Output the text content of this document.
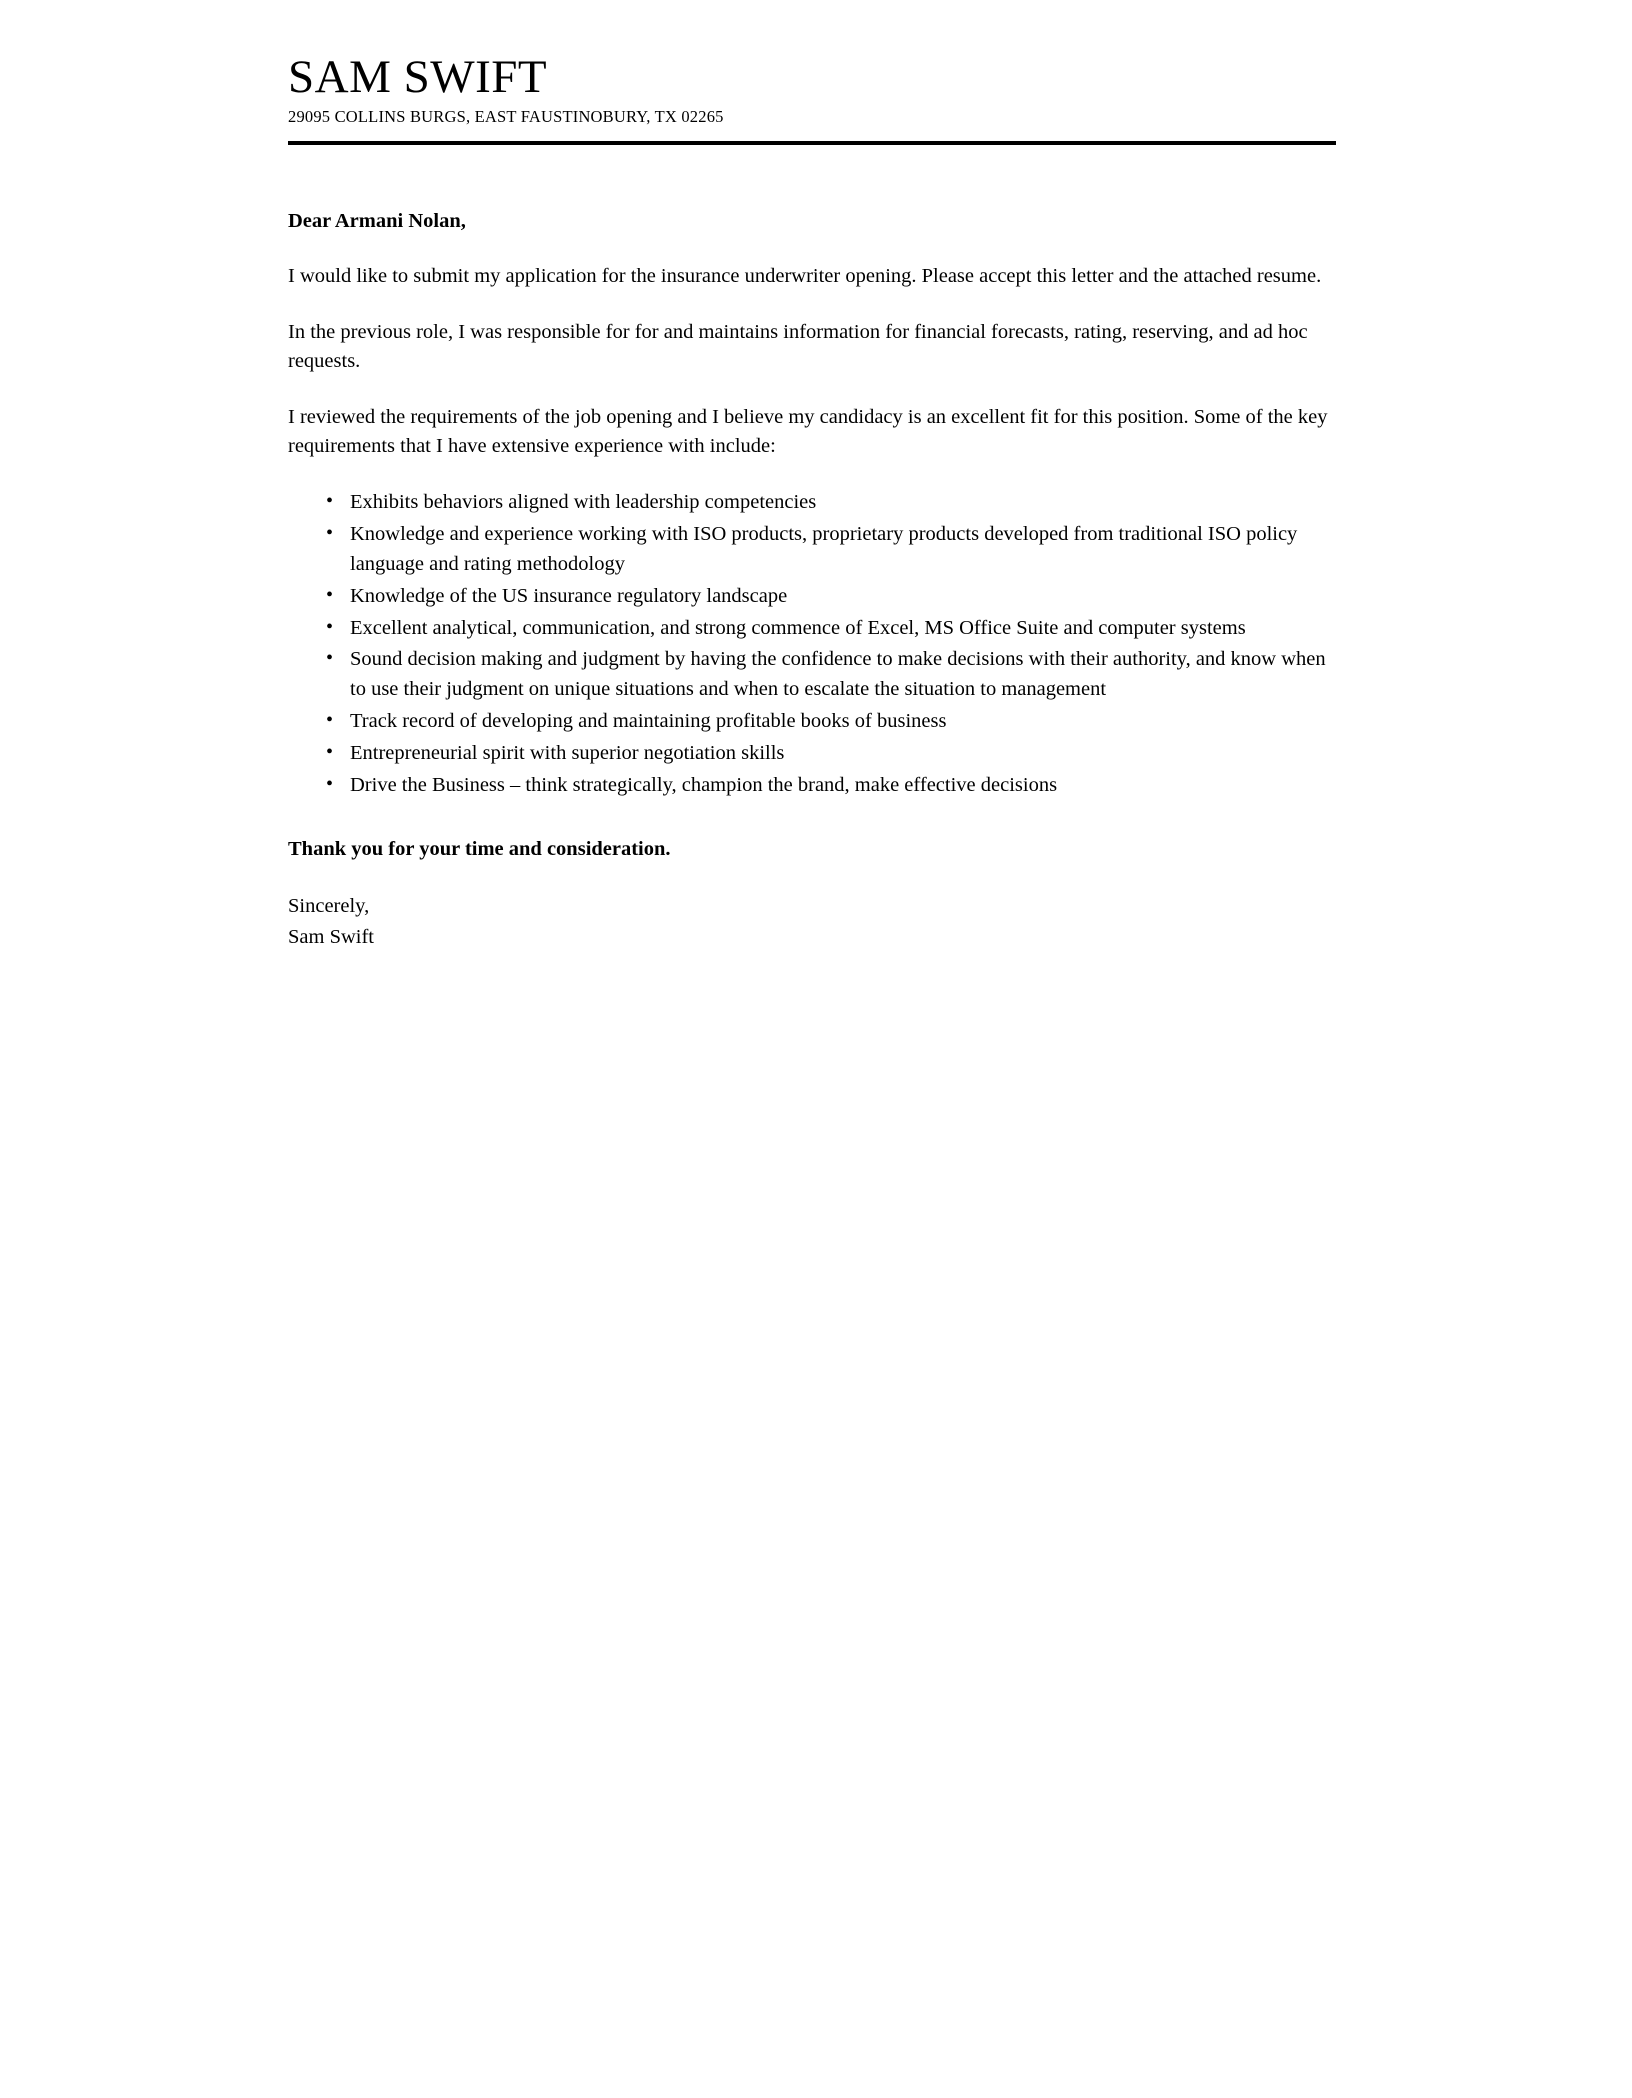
SAM SWIFT

29095 COLLINS BURGS, EAST FAUSTINOBURY, TX 02265

Dear Armani Nolan,

I would like to submit my application for the insurance underwriter opening. Please accept this letter and the attached resume.

In the previous role, I was responsible for for and maintains information for financial forecasts, rating, reserving, and ad hoc requests.

I reviewed the requirements of the job opening and I believe my candidacy is an excellent fit for this position. Some of the key requirements that I have extensive experience with include:

• Exhibits behaviors aligned with leadership competencies
• Knowledge and experience working with ISO products, proprietary products developed from traditional ISO policy language and rating methodology
• Knowledge of the US insurance regulatory landscape
• Excellent analytical, communication, and strong commence of Excel, MS Office Suite and computer systems
• Sound decision making and judgment by having the confidence to make decisions with their authority, and know when to use their judgment on unique situations and when to escalate the situation to management
• Track record of developing and maintaining profitable books of business
• Entrepreneurial spirit with superior negotiation skills
• Drive the Business – think strategically, champion the brand, make effective decisions

Thank you for your time and consideration.

Sincerely,
Sam Swift
